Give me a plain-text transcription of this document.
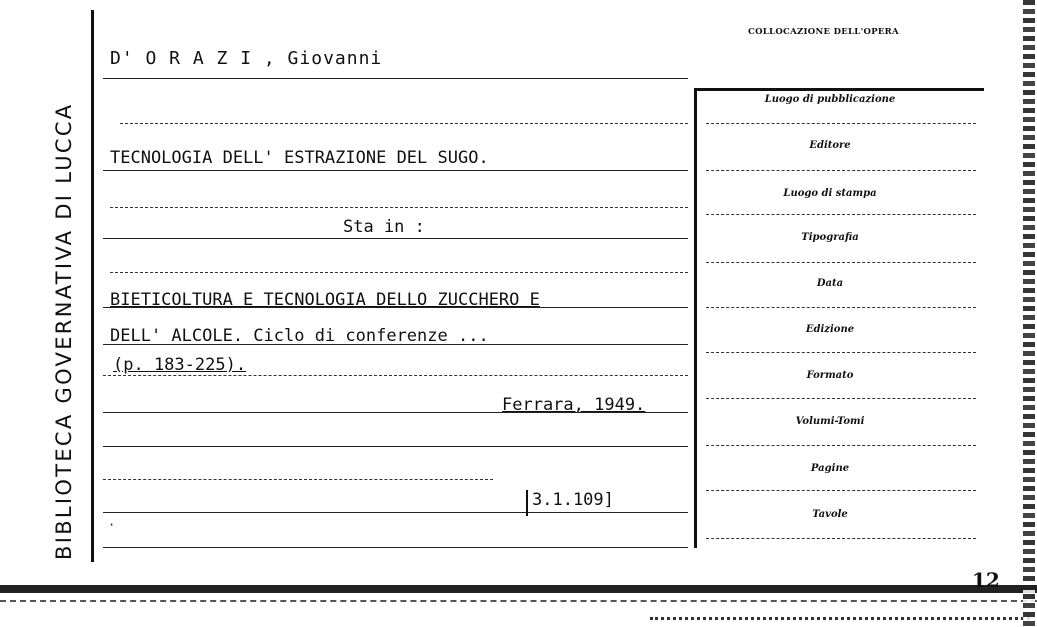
BIBLIOTECA GOVERNATIVA DI LUCCA
D' O R A Z I , Giovanni
TECNOLOGIA DELL' ESTRAZIONE DEL SUGO.
Sta in :
BIETICOLTURA E TECNOLOGIA DELLO ZUCCHERO E
DELL' ALCOLE. Ciclo di conferenze ...
(p. 183-225).
Ferrara, 1949.
3.1.109]
·
COLLOCAZIONE DELL'OPERA
Luogo di pubblicazione
Editore
Luogo di stampa
Tipografia
Data
Edizione
Formato
Volumi-Tomi
Pagine
Tavole
12
